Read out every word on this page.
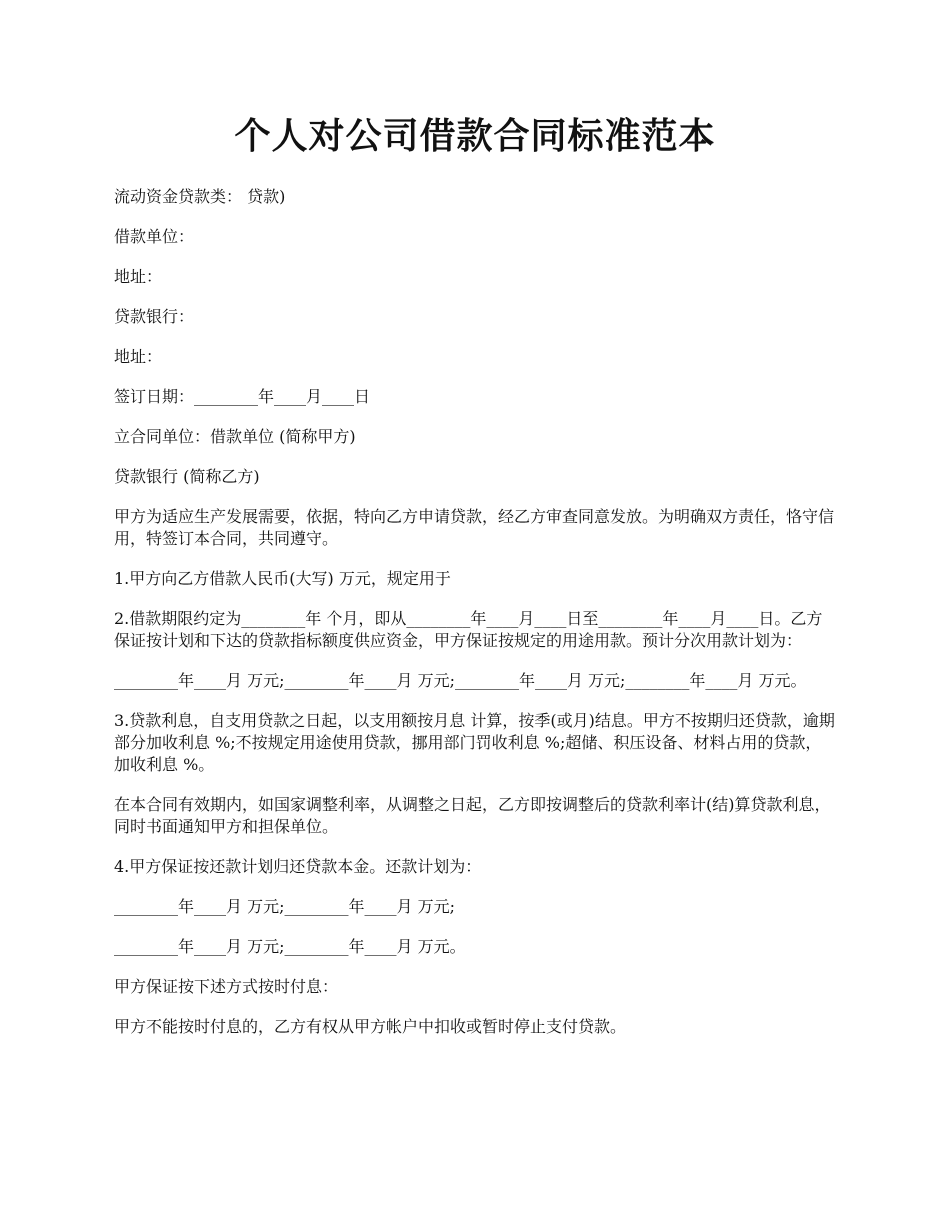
个人对公司借款合同标准范本

流动资金贷款类： 贷款)

借款单位：

地址：

贷款银行：

地址：

签订日期：________年____月____日

立合同单位：借款单位 (简称甲方)

贷款银行 (简称乙方)

甲方为适应生产发展需要，依据，特向乙方申请贷款，经乙方审查同意发放。为明确双方责任，恪守信用，特签订本合同，共同遵守。

1.甲方向乙方借款人民币(大写) 万元，规定用于

2.借款期限约定为________年 个月，即从________年____月____日至________年____月____日。乙方保证按计划和下达的贷款指标额度供应资金，甲方保证按规定的用途用款。预计分次用款计划为：

________年____月 万元;________年____月 万元;________年____月 万元;________年____月 万元。

3.贷款利息，自支用贷款之日起，以支用额按月息 计算，按季(或月)结息。甲方不按期归还贷款，逾期部分加收利息 %;不按规定用途使用贷款，挪用部门罚收利息 %;超储、积压设备、材料占用的贷款，加收利息 %。

在本合同有效期内，如国家调整利率，从调整之日起，乙方即按调整后的贷款利率计(结)算贷款利息，同时书面通知甲方和担保单位。

4.甲方保证按还款计划归还贷款本金。还款计划为：

________年____月 万元;________年____月 万元;

________年____月 万元;________年____月 万元。

甲方保证按下述方式按时付息：

甲方不能按时付息的，乙方有权从甲方帐户中扣收或暂时停止支付贷款。
